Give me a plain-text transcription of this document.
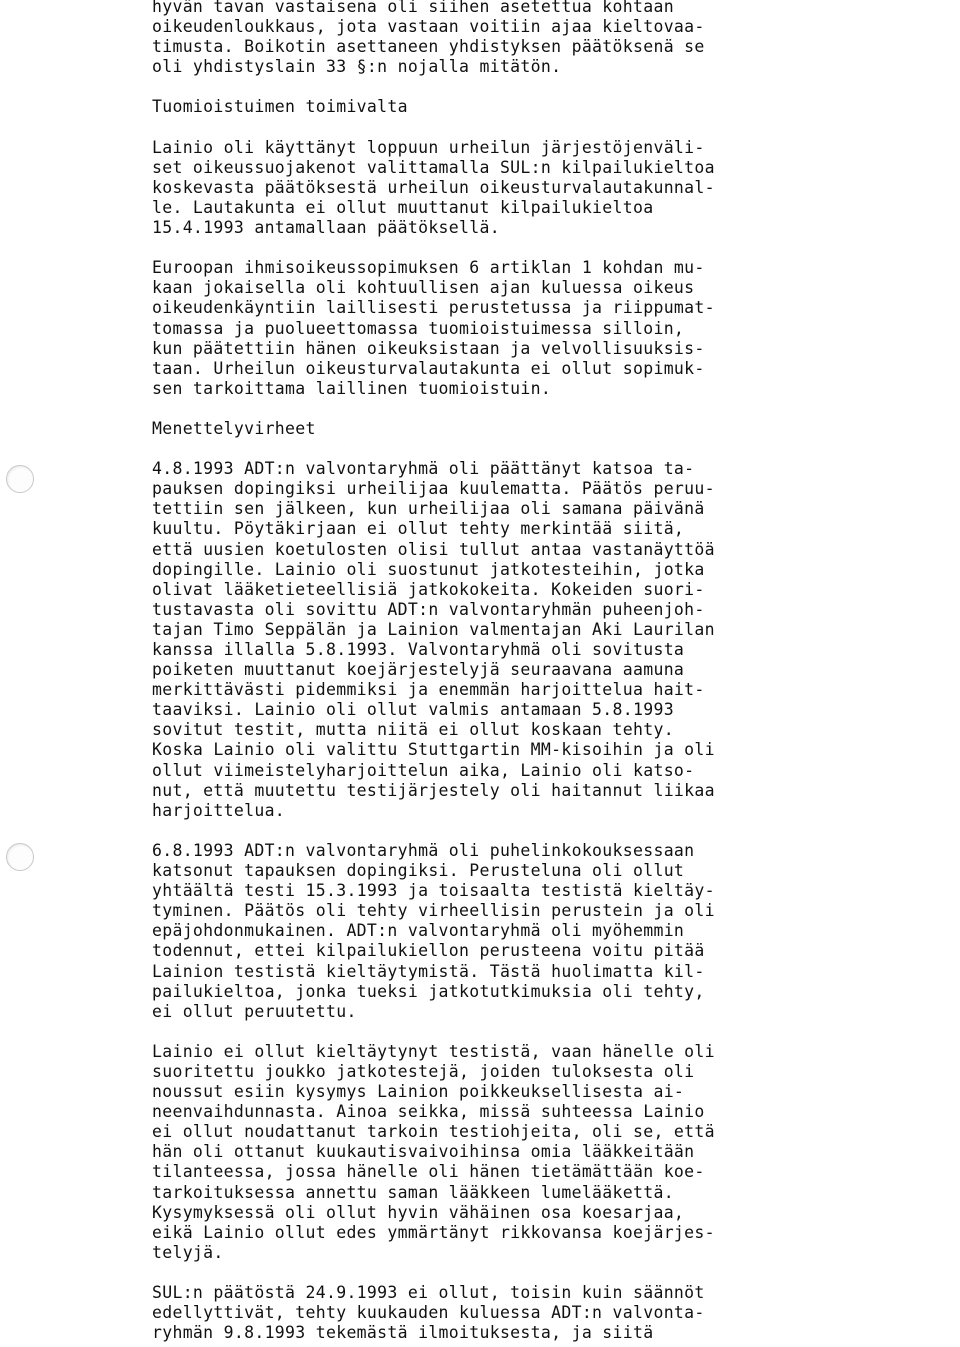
hyvän tavan vastaisena oli siihen asetettua kohtaan
oikeudenloukkaus, jota vastaan voitiin ajaa kieltovaa-
timusta. Boikotin asettaneen yhdistyksen päätöksenä se
oli yhdistyslain 33 §:n nojalla mitätön.
Tuomioistuimen toimivalta
Lainio oli käyttänyt loppuun urheilun järjestöjenväli-
set oikeussuojakenot valittamalla SUL:n kilpailukieltoa
koskevasta päätöksestä urheilun oikeusturvalautakunnal-
le. Lautakunta ei ollut muuttanut kilpailukieltoa
15.4.1993 antamallaan päätöksellä.
Euroopan ihmisoikeussopimuksen 6 artiklan 1 kohdan mu-
kaan jokaisella oli kohtuullisen ajan kuluessa oikeus
oikeudenkäyntiin laillisesti perustetussa ja riippumat-
tomassa ja puolueettomassa tuomioistuimessa silloin,
kun päätettiin hänen oikeuksistaan ja velvollisuuksis-
taan. Urheilun oikeusturvalautakunta ei ollut sopimuk-
sen tarkoittama laillinen tuomioistuin.
Menettelyvirheet
4.8.1993 ADT:n valvontaryhmä oli päättänyt katsoa ta-
pauksen dopingiksi urheilijaa kuulematta. Päätös peruu-
tettiin sen jälkeen, kun urheilijaa oli samana päivänä
kuultu. Pöytäkirjaan ei ollut tehty merkintää siitä,
että uusien koetulosten olisi tullut antaa vastanäyttöä
dopingille. Lainio oli suostunut jatkotesteihin, jotka
olivat lääketieteellisiä jatkokokeita. Kokeiden suori-
tustavasta oli sovittu ADT:n valvontaryhmän puheenjoh-
tajan Timo Seppälän ja Lainion valmentajan Aki Laurilan
kanssa illalla 5.8.1993. Valvontaryhmä oli sovitusta
poiketen muuttanut koejärjestelyjä seuraavana aamuna
merkittävästi pidemmiksi ja enemmän harjoittelua hait-
taaviksi. Lainio oli ollut valmis antamaan 5.8.1993
sovitut testit, mutta niitä ei ollut koskaan tehty.
Koska Lainio oli valittu Stuttgartin MM-kisoihin ja oli
ollut viimeistelyharjoittelun aika, Lainio oli katso-
nut, että muutettu testijärjestely oli haitannut liikaa
harjoittelua.
6.8.1993 ADT:n valvontaryhmä oli puhelinkokouksessaan
katsonut tapauksen dopingiksi. Perusteluna oli ollut
yhtäältä testi 15.3.1993 ja toisaalta testistä kieltäy-
tyminen. Päätös oli tehty virheellisin perustein ja oli
epäjohdonmukainen. ADT:n valvontaryhmä oli myöhemmin
todennut, ettei kilpailukiellon perusteena voitu pitää
Lainion testistä kieltäytymistä. Tästä huolimatta kil-
pailukieltoa, jonka tueksi jatkotutkimuksia oli tehty,
ei ollut peruutettu.
Lainio ei ollut kieltäytynyt testistä, vaan hänelle oli
suoritettu joukko jatkotestejä, joiden tuloksesta oli
noussut esiin kysymys Lainion poikkeuksellisesta ai-
neenvaihdunnasta. Ainoa seikka, missä suhteessa Lainio
ei ollut noudattanut tarkoin testiohjeita, oli se, että
hän oli ottanut kuukautisvaivoihinsa omia lääkkeitään
tilanteessa, jossa hänelle oli hänen tietämättään koe-
tarkoituksessa annettu saman lääkkeen lumelääkettä.
Kysymyksessä oli ollut hyvin vähäinen osa koesarjaa,
eikä Lainio ollut edes ymmärtänyt rikkovansa koejärjes-
telyjä.
SUL:n päätöstä 24.9.1993 ei ollut, toisin kuin säännöt
edellyttivät, tehty kuukauden kuluessa ADT:n valvonta-
ryhmän 9.8.1993 tekemästä ilmoituksesta, ja siitä
